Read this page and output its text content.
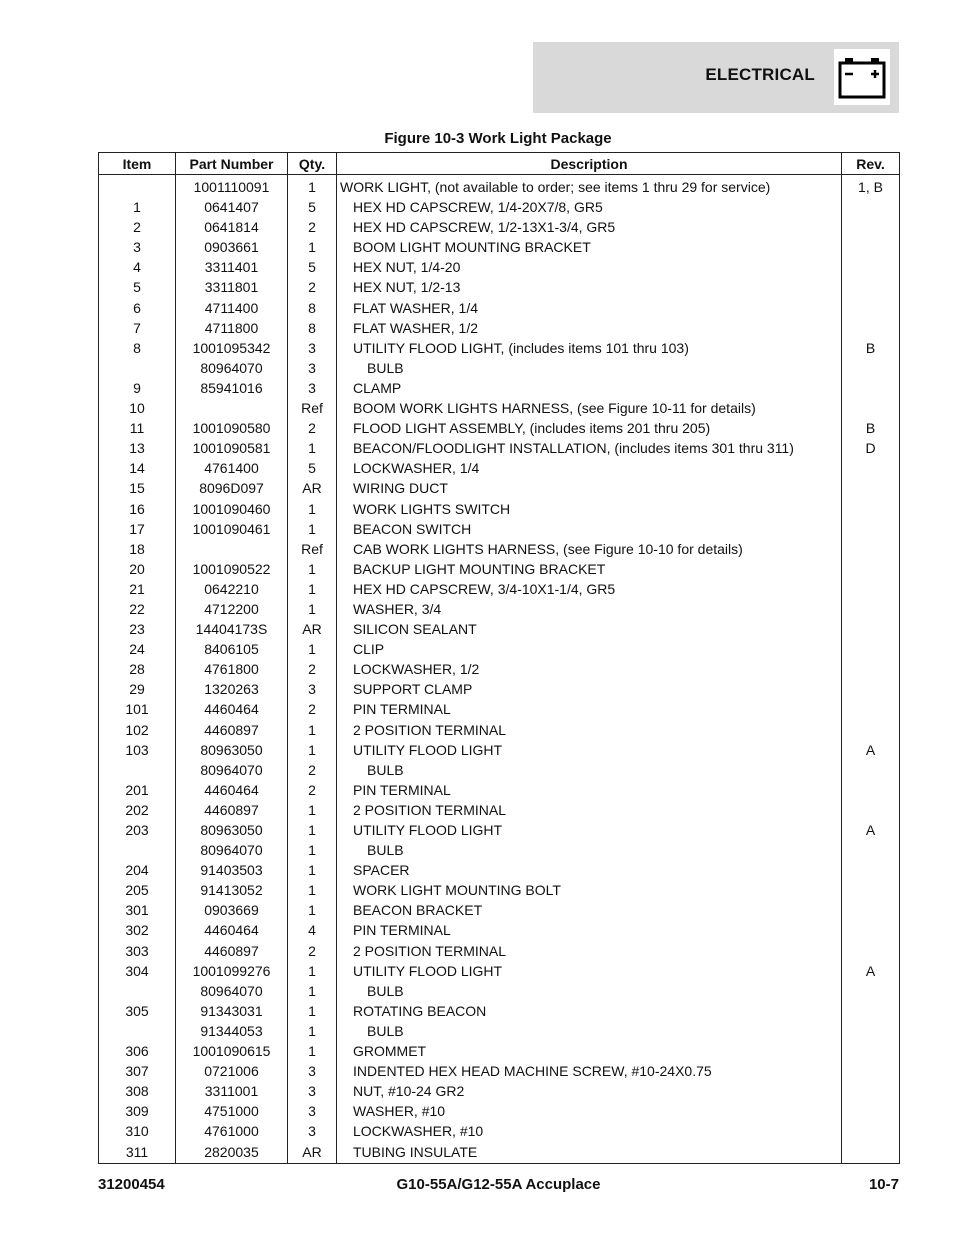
ELECTRICAL
Figure 10-3 Work Light Package
Item	Part Number	Qty.	Description	Rev.
	1001110091	1	WORK LIGHT, (not available to order; see items 1 thru 29 for service)	1, B
1	0641407	5	HEX HD CAPSCREW, 1/4-20X7/8, GR5	
2	0641814	2	HEX HD CAPSCREW, 1/2-13X1-3/4, GR5	
3	0903661	1	BOOM LIGHT MOUNTING BRACKET	
4	3311401	5	HEX NUT, 1/4-20	
5	3311801	2	HEX NUT, 1/2-13	
6	4711400	8	FLAT WASHER, 1/4	
7	4711800	8	FLAT WASHER, 1/2	
8	1001095342	3	UTILITY FLOOD LIGHT, (includes items 101 thru 103)	B
	80964070	3	BULB	
9	85941016	3	CLAMP	
10		Ref	BOOM WORK LIGHTS HARNESS, (see Figure 10-11 for details)	
11	1001090580	2	FLOOD LIGHT ASSEMBLY, (includes items 201 thru 205)	B
13	1001090581	1	BEACON/FLOODLIGHT INSTALLATION, (includes items 301 thru 311)	D
14	4761400	5	LOCKWASHER, 1/4	
15	8096D097	AR	WIRING DUCT	
16	1001090460	1	WORK LIGHTS SWITCH	
17	1001090461	1	BEACON SWITCH	
18		Ref	CAB WORK LIGHTS HARNESS, (see Figure 10-10 for details)	
20	1001090522	1	BACKUP LIGHT MOUNTING BRACKET	
21	0642210	1	HEX HD CAPSCREW, 3/4-10X1-1/4, GR5	
22	4712200	1	WASHER, 3/4	
23	14404173S	AR	SILICON SEALANT	
24	8406105	1	CLIP	
28	4761800	2	LOCKWASHER, 1/2	
29	1320263	3	SUPPORT CLAMP	
101	4460464	2	PIN TERMINAL	
102	4460897	1	2 POSITION TERMINAL	
103	80963050	1	UTILITY FLOOD LIGHT	A
	80964070	2	BULB	
201	4460464	2	PIN TERMINAL	
202	4460897	1	2 POSITION TERMINAL	
203	80963050	1	UTILITY FLOOD LIGHT	A
	80964070	1	BULB	
204	91403503	1	SPACER	
205	91413052	1	WORK LIGHT MOUNTING BOLT	
301	0903669	1	BEACON BRACKET	
302	4460464	4	PIN TERMINAL	
303	4460897	2	2 POSITION TERMINAL	
304	1001099276	1	UTILITY FLOOD LIGHT	A
	80964070	1	BULB	
305	91343031	1	ROTATING BEACON	
	91344053	1	BULB	
306	1001090615	1	GROMMET	
307	0721006	3	INDENTED HEX HEAD MACHINE SCREW, #10-24X0.75	
308	3311001	3	NUT, #10-24 GR2	
309	4751000	3	WASHER, #10	
310	4761000	3	LOCKWASHER, #10	
311	2820035	AR	TUBING INSULATE	
31200454	G10-55A/G12-55A Accuplace	10-7
